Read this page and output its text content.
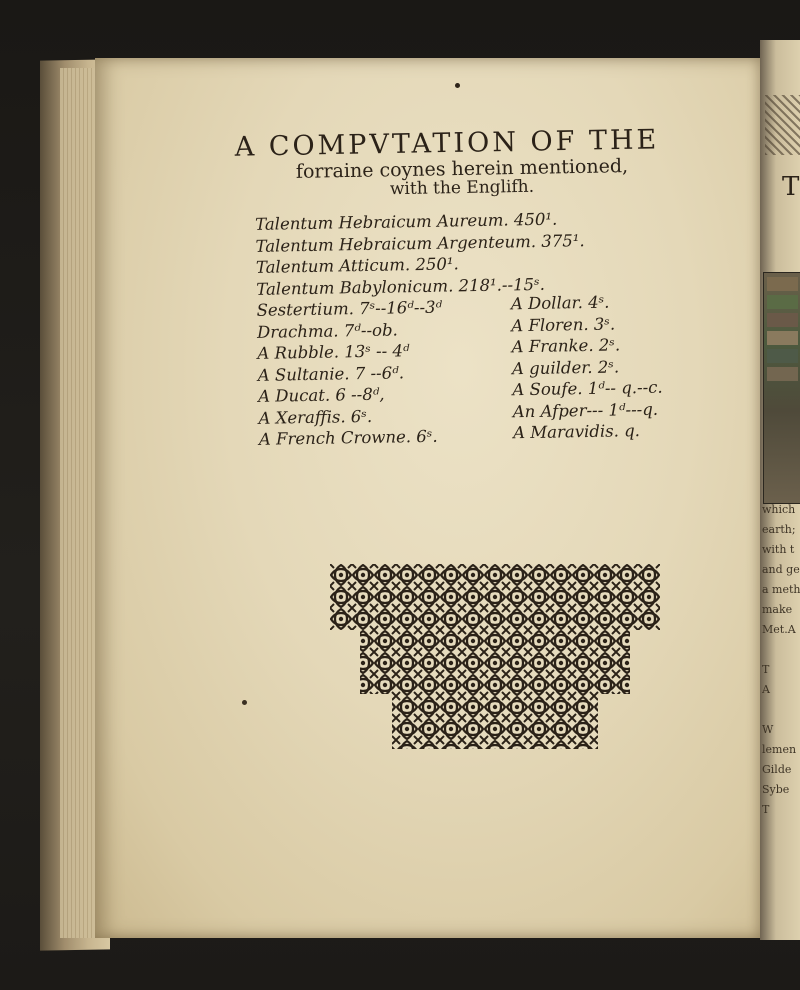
T
which
earth;
with t
and ge
a meth
make
Met.A

T
A

W
lemen
Gilde
Sybe
T
A COMPVTATION OF THE
forraine coynes herein mentioned,
with the Englifh.
Talentum Hebraicum Aureum. 450¹.
Talentum Hebraicum Argenteum. 375¹.
Talentum Atticum. 250¹.
Talentum Babylonicum. 218¹.--15ˢ.
Sestertium. 7ˢ--16ᵈ--3ᵈ
Drachma. 7ᵈ--ob.
A Rubble. 13ˢ -- 4ᵈ
A Sultanie. 7 --6ᵈ.
A Ducat. 6 --8ᵈ,
A Xeraffis. 6ˢ.
A French Crowne. 6ˢ.
A Dollar. 4ˢ.
A Floren. 3ˢ.
A Franke. 2ˢ.
A guilder. 2ˢ.
A Soufe. 1ᵈ-- q.--c.
An Afper--- 1ᵈ---q.
A Maravidis. q.
